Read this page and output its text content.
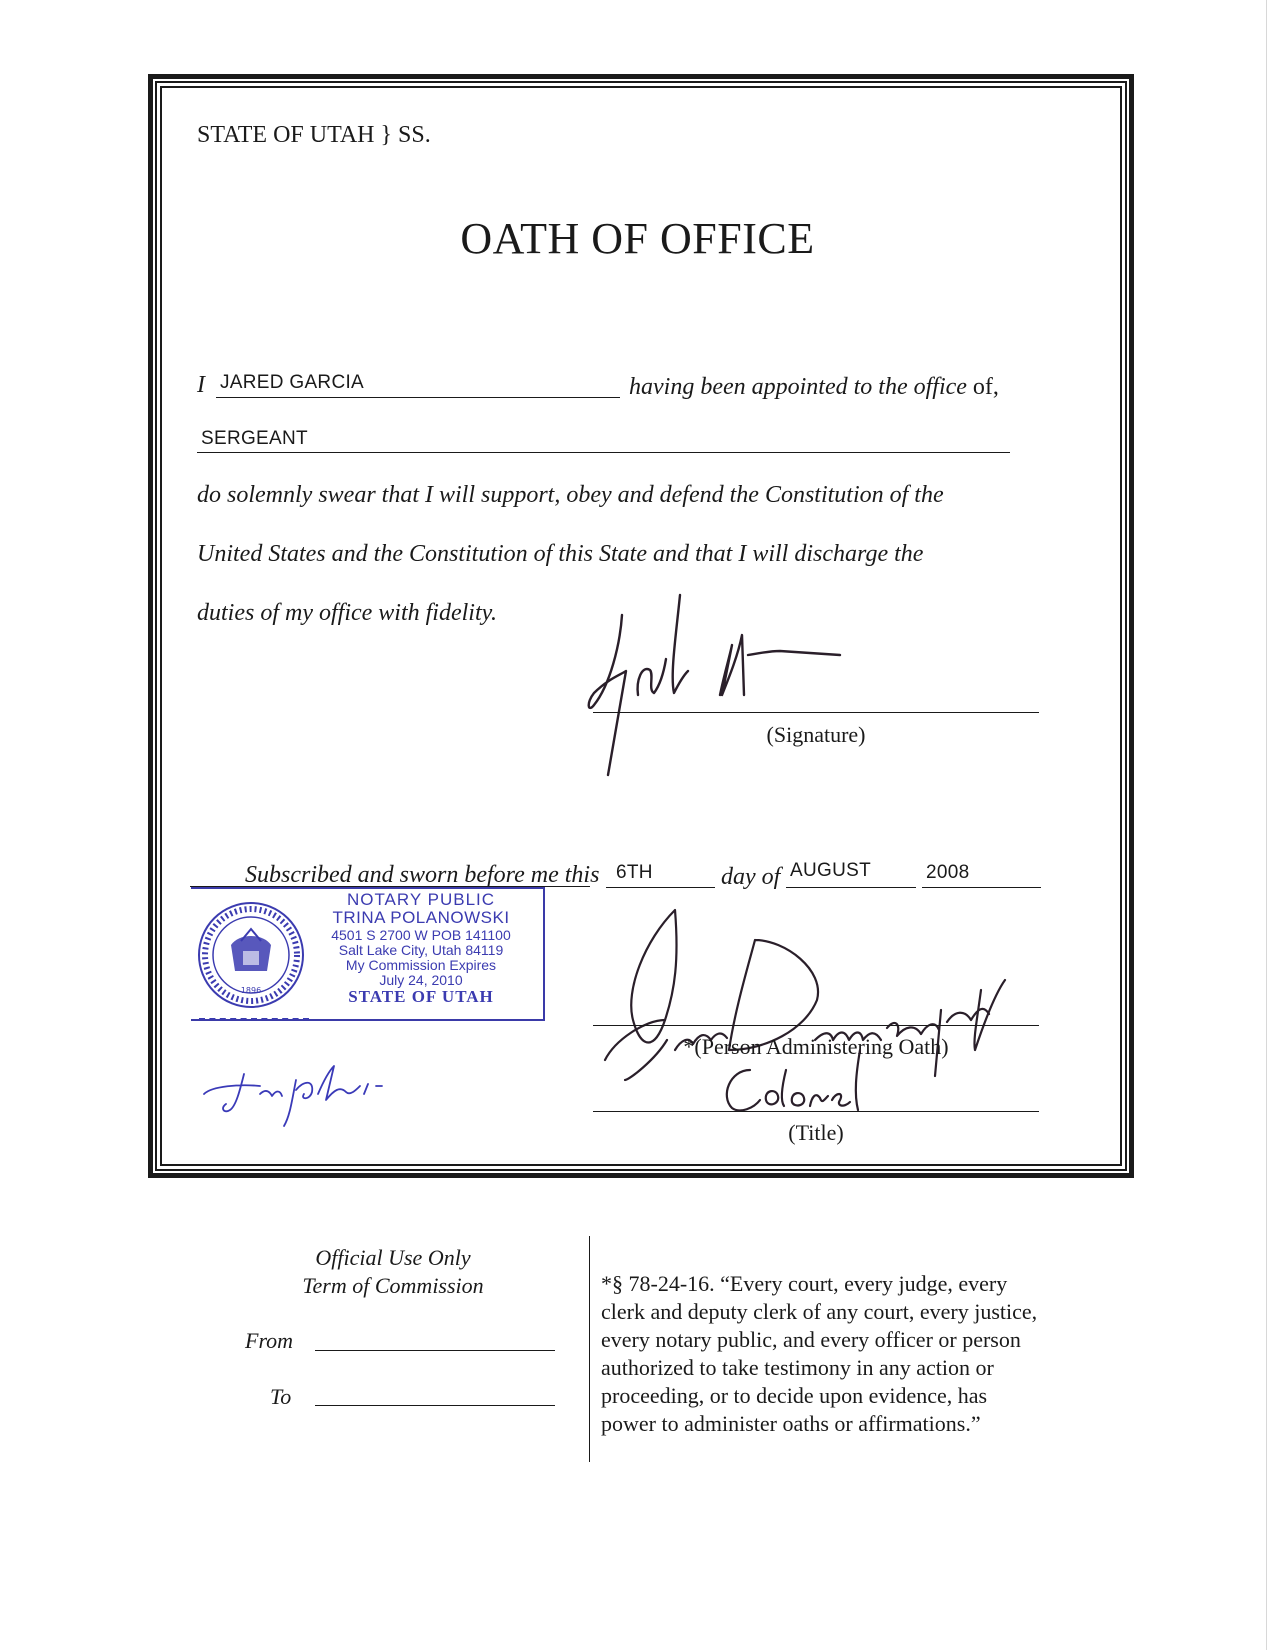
STATE OF UTAH } SS.
OATH OF OFFICE
I JARED GARCIA	having been appointed to the office of,
SERGEANT
do solemnly swear that I will support, obey and defend the Constitution of the
United States and the Constitution of this State and that I will discharge the
duties of my office with fidelity.
(Signature)
Subscribed and sworn before me this 6TH	day of AUGUST	2008
1896
NOTARY PUBLIC
TRINA POLANOWSKI
4501 S 2700 W POB 141100
Salt Lake City, Utah 84119
My Commission Expires
July 24, 2010
STATE OF UTAH
*(Person Administering Oath)
(Title)
Official Use Only
Term of Commission
From
To
*§ 78-24-16. “Every court, every judge, every
clerk and deputy clerk of any court, every justice,
every notary public, and every officer or person
authorized to take testimony in any action or
proceeding, or to decide upon evidence, has
power to administer oaths or affirmations.”
